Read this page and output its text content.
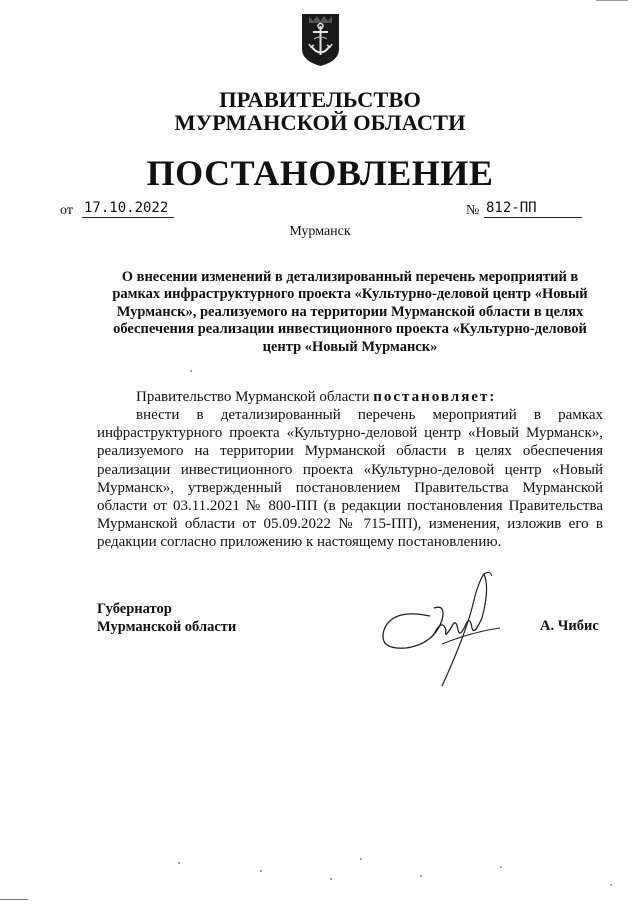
ПРАВИТЕЛЬСТВО
МУРМАНСКОЙ ОБЛАСТИ
ПОСТАНОВЛЕНИЕ
от 17.10.2022	№ 812-ПП
Мурманск
О внесении изменений в детализированный перечень мероприятий в рамках инфраструктурного проекта «Культурно-деловой центр «Новый Мурманск», реализуемого на территории Мурманской области в целях обеспечения реализации инвестиционного проекта «Культурно-деловой центр «Новый Мурманск»
Правительство Мурманской области постановляет:
внести в детализированный перечень мероприятий в рамках инфраструктурного проекта «Культурно-деловой центр «Новый Мурманск», реализуемого на территории Мурманской области в целях обеспечения реализации инвестиционного проекта «Культурно-деловой центр «Новый Мурманск», утвержденный постановлением Правительства Мурманской области от 03.11.2021 № 800-ПП (в редакции постановления Правительства Мурманской области от 05.09.2022 № 715-ПП), изменения, изложив его в редакции согласно приложению к настоящему постановлению.
Губернатор
Мурманской области	А. Чибис
